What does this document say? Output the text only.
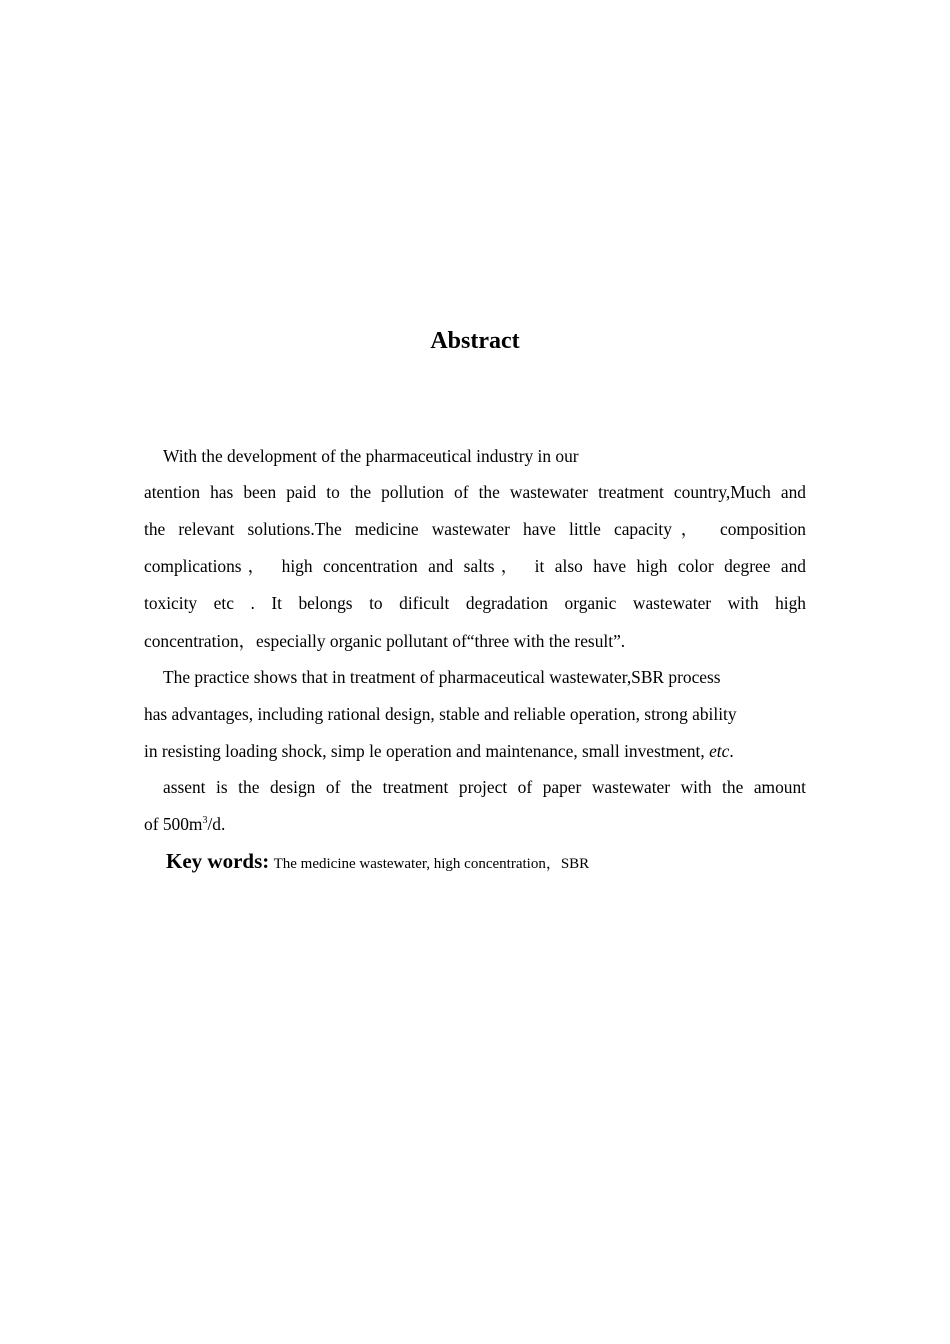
Abstract

With the development of the pharmaceutical industry in our

atention has been paid to the pollution of the wastewater treatment country,Much and

the relevant solutions.The medicine wastewater have little capacity， composition

complications， high concentration and salts， it also have high color degree and

toxicity etc . It belongs to dificult degradation organic wastewater with high

concentration，especially organic pollutant of“three with the result”.

The practice shows that in treatment of pharmaceutical wastewater,SBR process

has advantages, including rational design, stable and reliable operation, strong ability

in resisting loading shock, simp le operation and maintenance, small investment, etc.

assent is the design of the treatment project of paper wastewater with the amount

of $500m^3/d$.

Key words: The medicine wastewater, high concentration，SBR
